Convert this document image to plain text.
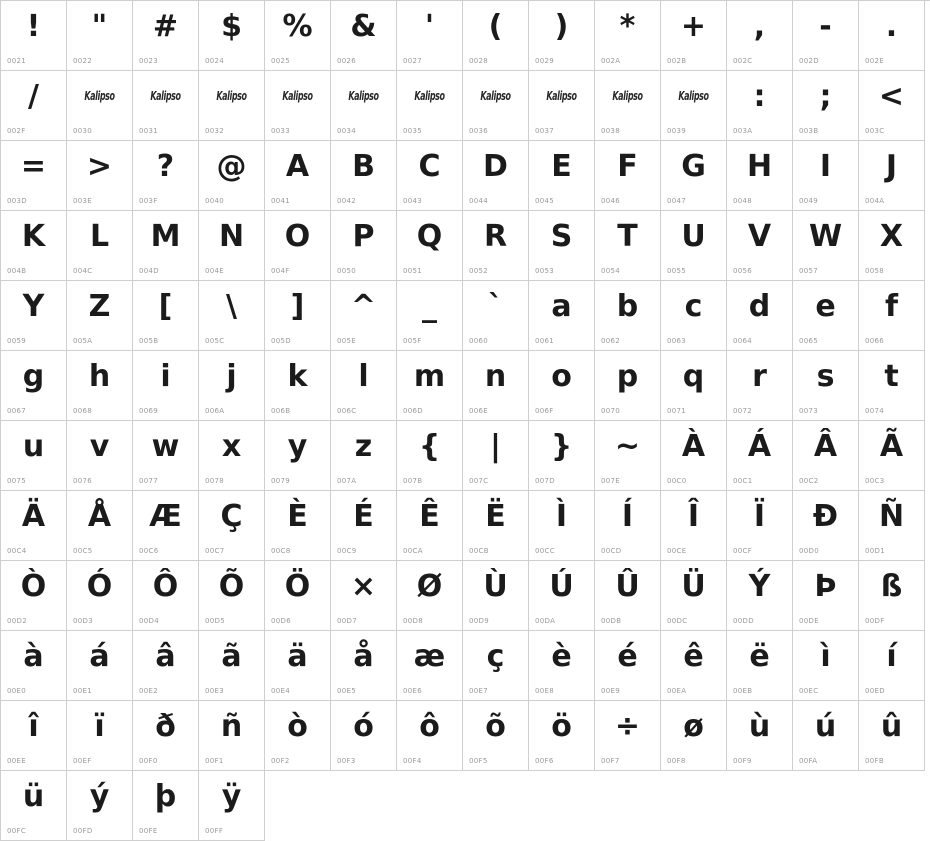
!
0021
"
0022
#
0023
$
0024
%
0025
&
0026
'
0027
(
0028
)
0029
*
002A
+
002B
,
002C
-
002D
.
002E
/
002F
Kalipso
0030
Kalipso
0031
Kalipso
0032
Kalipso
0033
Kalipso
0034
Kalipso
0035
Kalipso
0036
Kalipso
0037
Kalipso
0038
Kalipso
0039
:
003A
;
003B
<
003C
=
003D
>
003E
?
003F
@
0040
A
0041
B
0042
C
0043
D
0044
E
0045
F
0046
G
0047
H
0048
I
0049
J
004A
K
004B
L
004C
M
004D
N
004E
O
004F
P
0050
Q
0051
R
0052
S
0053
T
0054
U
0055
V
0056
W
0057
X
0058
Y
0059
Z
005A
[
005B
\
005C
]
005D
^
005E
_
005F
`
0060
a
0061
b
0062
c
0063
d
0064
e
0065
f
0066
g
0067
h
0068
i
0069
j
006A
k
006B
l
006C
m
006D
n
006E
o
006F
p
0070
q
0071
r
0072
s
0073
t
0074
u
0075
v
0076
w
0077
x
0078
y
0079
z
007A
{
007B
|
007C
}
007D
~
007E
À
00C0
Á
00C1
Â
00C2
Ã
00C3
Ä
00C4
Å
00C5
Æ
00C6
Ç
00C7
È
00C8
É
00C9
Ê
00CA
Ë
00CB
Ì
00CC
Í
00CD
Î
00CE
Ï
00CF
Ð
00D0
Ñ
00D1
Ò
00D2
Ó
00D3
Ô
00D4
Õ
00D5
Ö
00D6
×
00D7
Ø
00D8
Ù
00D9
Ú
00DA
Û
00DB
Ü
00DC
Ý
00DD
Þ
00DE
ß
00DF
à
00E0
á
00E1
â
00E2
ã
00E3
ä
00E4
å
00E5
æ
00E6
ç
00E7
è
00E8
é
00E9
ê
00EA
ë
00EB
ì
00EC
í
00ED
î
00EE
ï
00EF
ð
00F0
ñ
00F1
ò
00F2
ó
00F3
ô
00F4
õ
00F5
ö
00F6
÷
00F7
ø
00F8
ù
00F9
ú
00FA
û
00FB
ü
00FC
ý
00FD
þ
00FE
ÿ
00FF
